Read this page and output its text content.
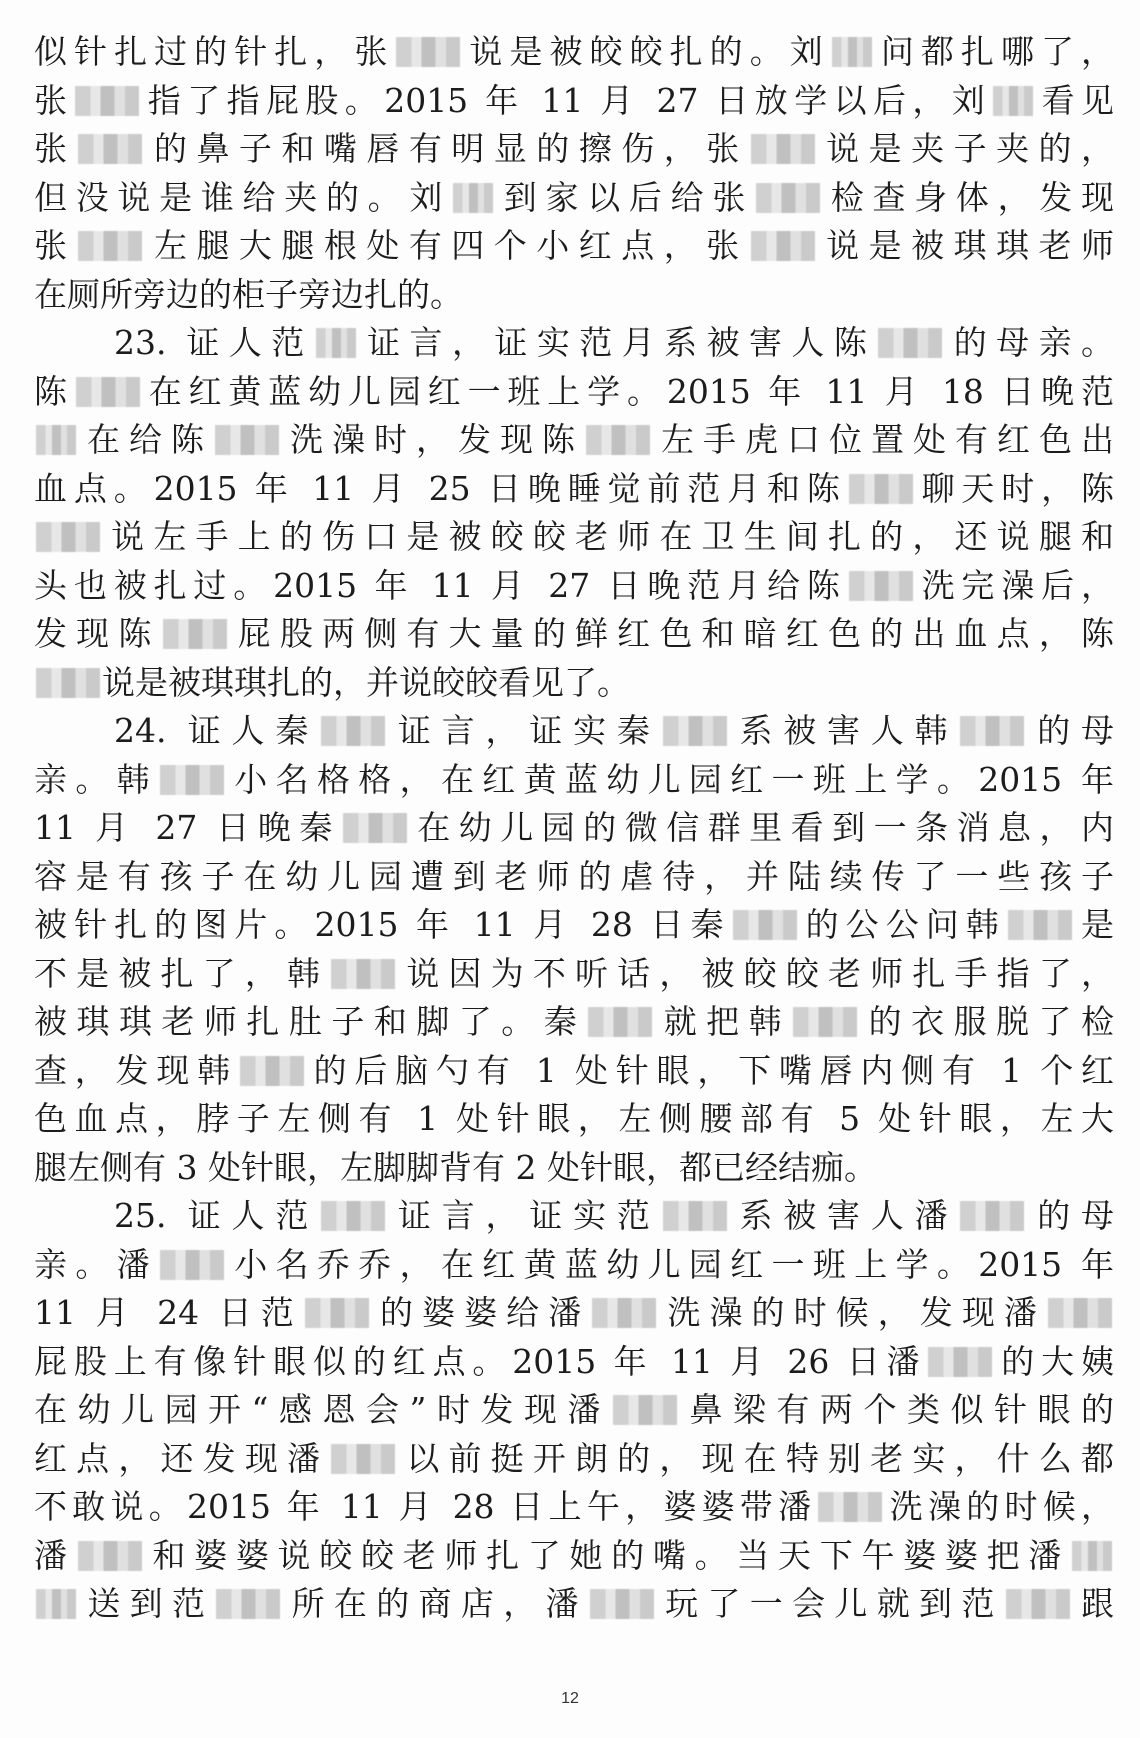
似针扎过的针扎，张 说是被皎皎扎的。刘 问都扎哪了，
张 指了指屁股。2015 年 11 月 27 日放学以后，刘 看见
张 的鼻子和嘴唇有明显的擦伤，张 说是夹子夹的，
但没说是谁给夹的。刘 到家以后给张 检查身体，发现
张 左腿大腿根处有四个小红点，张 说是被琪琪老师
在厕所旁边的柜子旁边扎的。
23. 证人范 证言，证实范月系被害人陈 的母亲。
陈 在红黄蓝幼儿园红一班上学。2015 年 11 月 18 日晚范
在给陈 洗澡时，发现陈 左手虎口位置处有红色出
血点。2015 年 11 月 25 日晚睡觉前范月和陈 聊天时，陈
说左手上的伤口是被皎皎老师在卫生间扎的，还说腿和
头也被扎过。2015 年 11 月 27 日晚范月给陈 洗完澡后，
发现陈 屁股两侧有大量的鲜红色和暗红色的出血点，陈
说是被琪琪扎的，并说皎皎看见了。
24. 证人秦 证言，证实秦 系被害人韩 的母
亲。韩 小名格格，在红黄蓝幼儿园红一班上学。2015 年
11 月 27 日晚秦 在幼儿园的微信群里看到一条消息，内
容是有孩子在幼儿园遭到老师的虐待，并陆续传了一些孩子
被针扎的图片。2015 年 11 月 28 日秦 的公公问韩 是
不是被扎了，韩 说因为不听话，被皎皎老师扎手指了，
被琪琪老师扎肚子和脚了。秦 就把韩 的衣服脱了检
查，发现韩 的后脑勺有 1 处针眼，下嘴唇内侧有 1 个红
色血点，脖子左侧有 1 处针眼，左侧腰部有 5 处针眼，左大
腿左侧有 3 处针眼，左脚脚背有 2 处针眼，都已经结痂。
25. 证人范 证言，证实范 系被害人潘 的母
亲。潘 小名乔乔，在红黄蓝幼儿园红一班上学。2015 年
11 月 24 日范 的婆婆给潘 洗澡的时候，发现潘
屁股上有像针眼似的红点。2015 年 11 月 26 日潘 的大姨
在幼儿园开“感恩会”时发现潘 鼻梁有两个类似针眼的
红点，还发现潘 以前挺开朗的，现在特别老实，什么都
不敢说。2015 年 11 月 28 日上午，婆婆带潘 洗澡的时候，
潘 和婆婆说皎皎老师扎了她的嘴。当天下午婆婆把潘
送到范 所在的商店，潘 玩了一会儿就到范 跟
12
